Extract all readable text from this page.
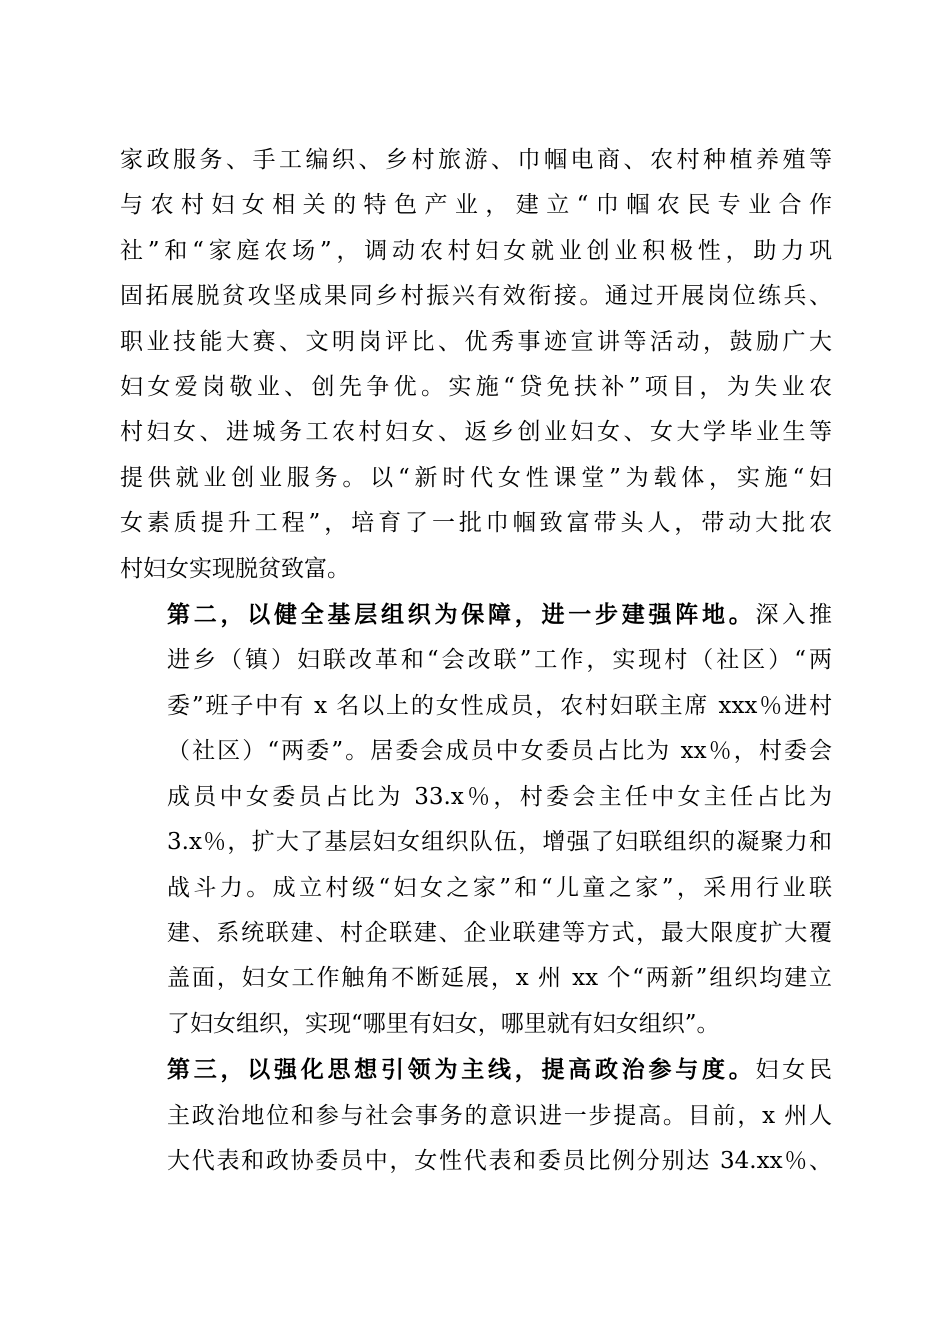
家政服务、手工编织、乡村旅游、巾帼电商、农村种植养殖等
与农村妇女相关的特色产业，建立“巾帼农民专业合作
社”和“家庭农场”，调动农村妇女就业创业积极性，助力巩
固拓展脱贫攻坚成果同乡村振兴有效衔接。通过开展岗位练兵、
职业技能大赛、文明岗评比、优秀事迹宣讲等活动，鼓励广大
妇女爱岗敬业、创先争优。实施“贷免扶补”项目，为失业农
村妇女、进城务工农村妇女、返乡创业妇女、女大学毕业生等
提供就业创业服务。以“新时代女性课堂”为载体，实施“妇
女素质提升工程”，培育了一批巾帼致富带头人，带动大批农
村妇女实现脱贫致富。
第二，以健全基层组织为保障，进一步建强阵地。深入推
进乡（镇）妇联改革和“会改联”工作，实现村（社区）“两
委”班子中有 x 名以上的女性成员，农村妇联主席 xxx％进村
（社区）“两委”。居委会成员中女委员占比为 xx％，村委会
成员中女委员占比为 33.x％，村委会主任中女主任占比为
3.x％，扩大了基层妇女组织队伍，增强了妇联组织的凝聚力和
战斗力。成立村级“妇女之家”和“儿童之家”，采用行业联
建、系统联建、村企联建、企业联建等方式，最大限度扩大覆
盖面，妇女工作触角不断延展，x 州 xx 个“两新”组织均建立
了妇女组织，实现“哪里有妇女，哪里就有妇女组织”。
第三，以强化思想引领为主线，提高政治参与度。妇女民
主政治地位和参与社会事务的意识进一步提高。目前，x 州人
大代表和政协委员中，女性代表和委员比例分别达 34.xx％、
